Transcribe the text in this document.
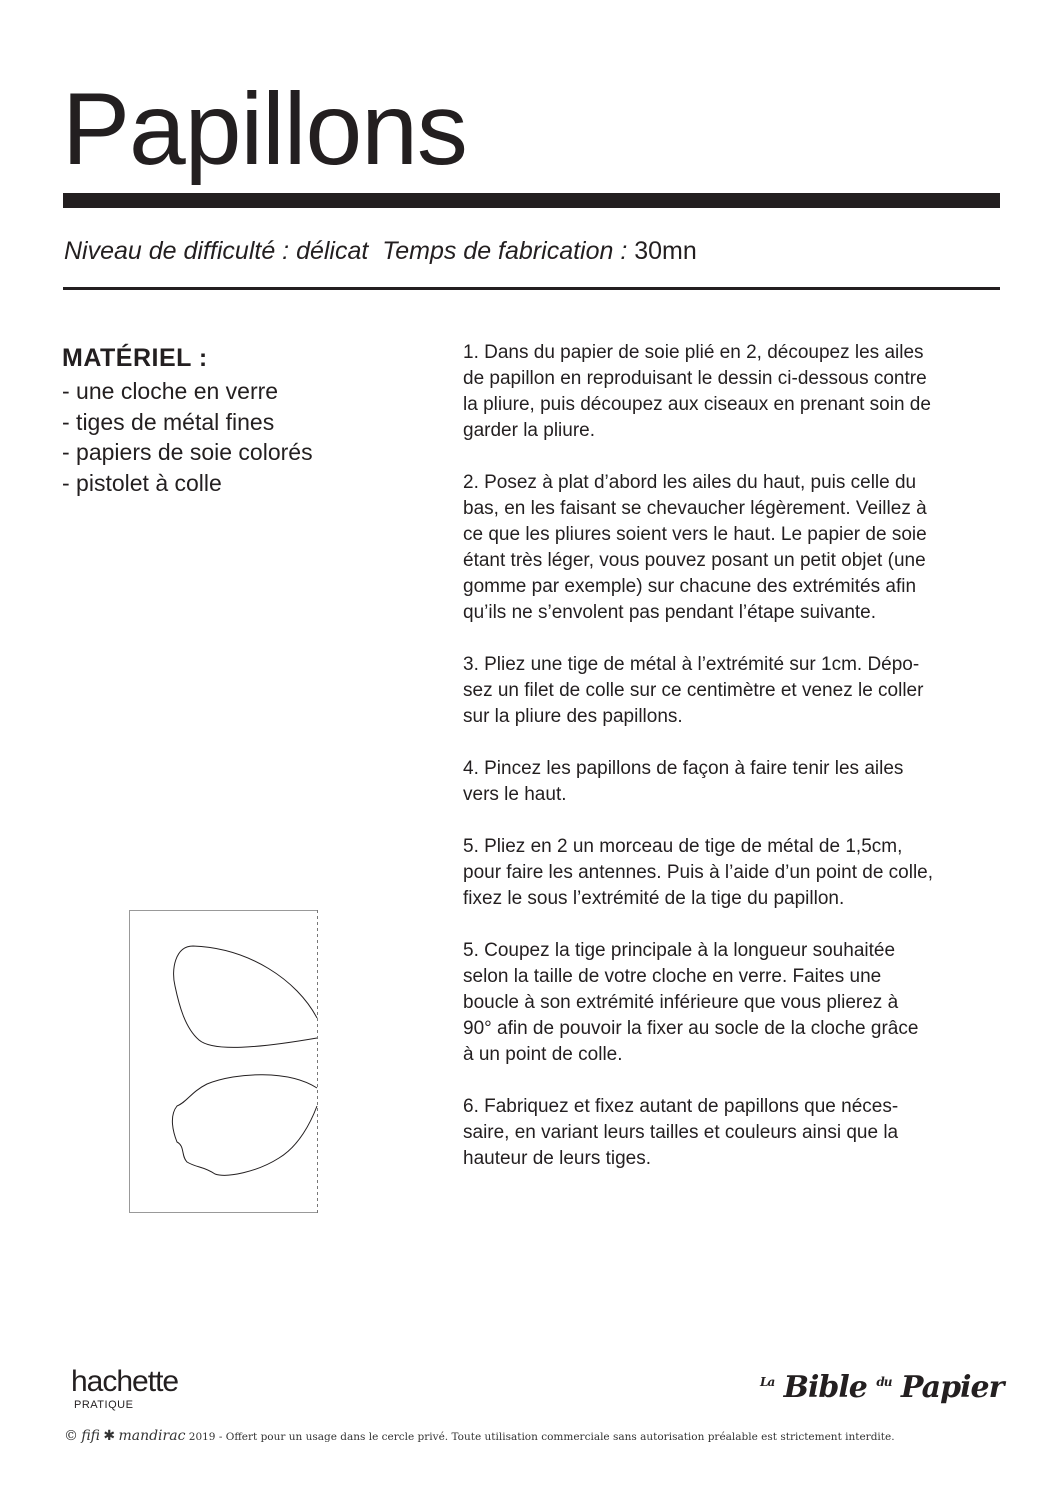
Papillons
Niveau de difficulté : délicat Temps de fabrication : 30mn
MATÉRIEL :
- une cloche en verre
- tiges de métal fines
- papiers de soie colorés
- pistolet à colle

1. Dans du papier de soie plié en 2, découpez les ailes
de papillon en reproduisant le dessin ci-dessous contre
la pliure, puis découpez aux ciseaux en prenant soin de
garder la pliure.

2. Posez à plat d’abord les ailes du haut, puis celle du
bas, en les faisant se chevaucher légèrement. Veillez à
ce que les pliures soient vers le haut. Le papier de soie
étant très léger, vous pouvez posant un petit objet (une
gomme par exemple) sur chacune des extrémités afin
qu’ils ne s’envolent pas pendant l’étape suivante.

3. Pliez une tige de métal à l’extrémité sur 1cm. Dépo-
sez un filet de colle sur ce centimètre et venez le coller
sur la pliure des papillons.

4. Pincez les papillons de façon à faire tenir les ailes
vers le haut.

5. Pliez en 2 un morceau de tige de métal de 1,5cm,
pour faire les antennes. Puis à l’aide d’un point de colle,
fixez le sous l’extrémité de la tige du papillon.

5. Coupez la tige principale à la longueur souhaitée
selon la taille de votre cloche en verre. Faites une
boucle à son extrémité inférieure que vous plierez à
90° afin de pouvoir la fixer au socle de la cloche grâce
à un point de colle.

6. Fabriquez et fixez autant de papillons que néces-
saire, en variant leurs tailles et couleurs ainsi que la
hauteur de leurs tiges.

hachette
PRATIQUE
$^{La}$ Bible $^{du}$ Papier
© fifi ✱ mandirac 2019 - Offert pour un usage dans le cercle privé. Toute utilisation commerciale sans autorisation préalable est strictement interdite.
